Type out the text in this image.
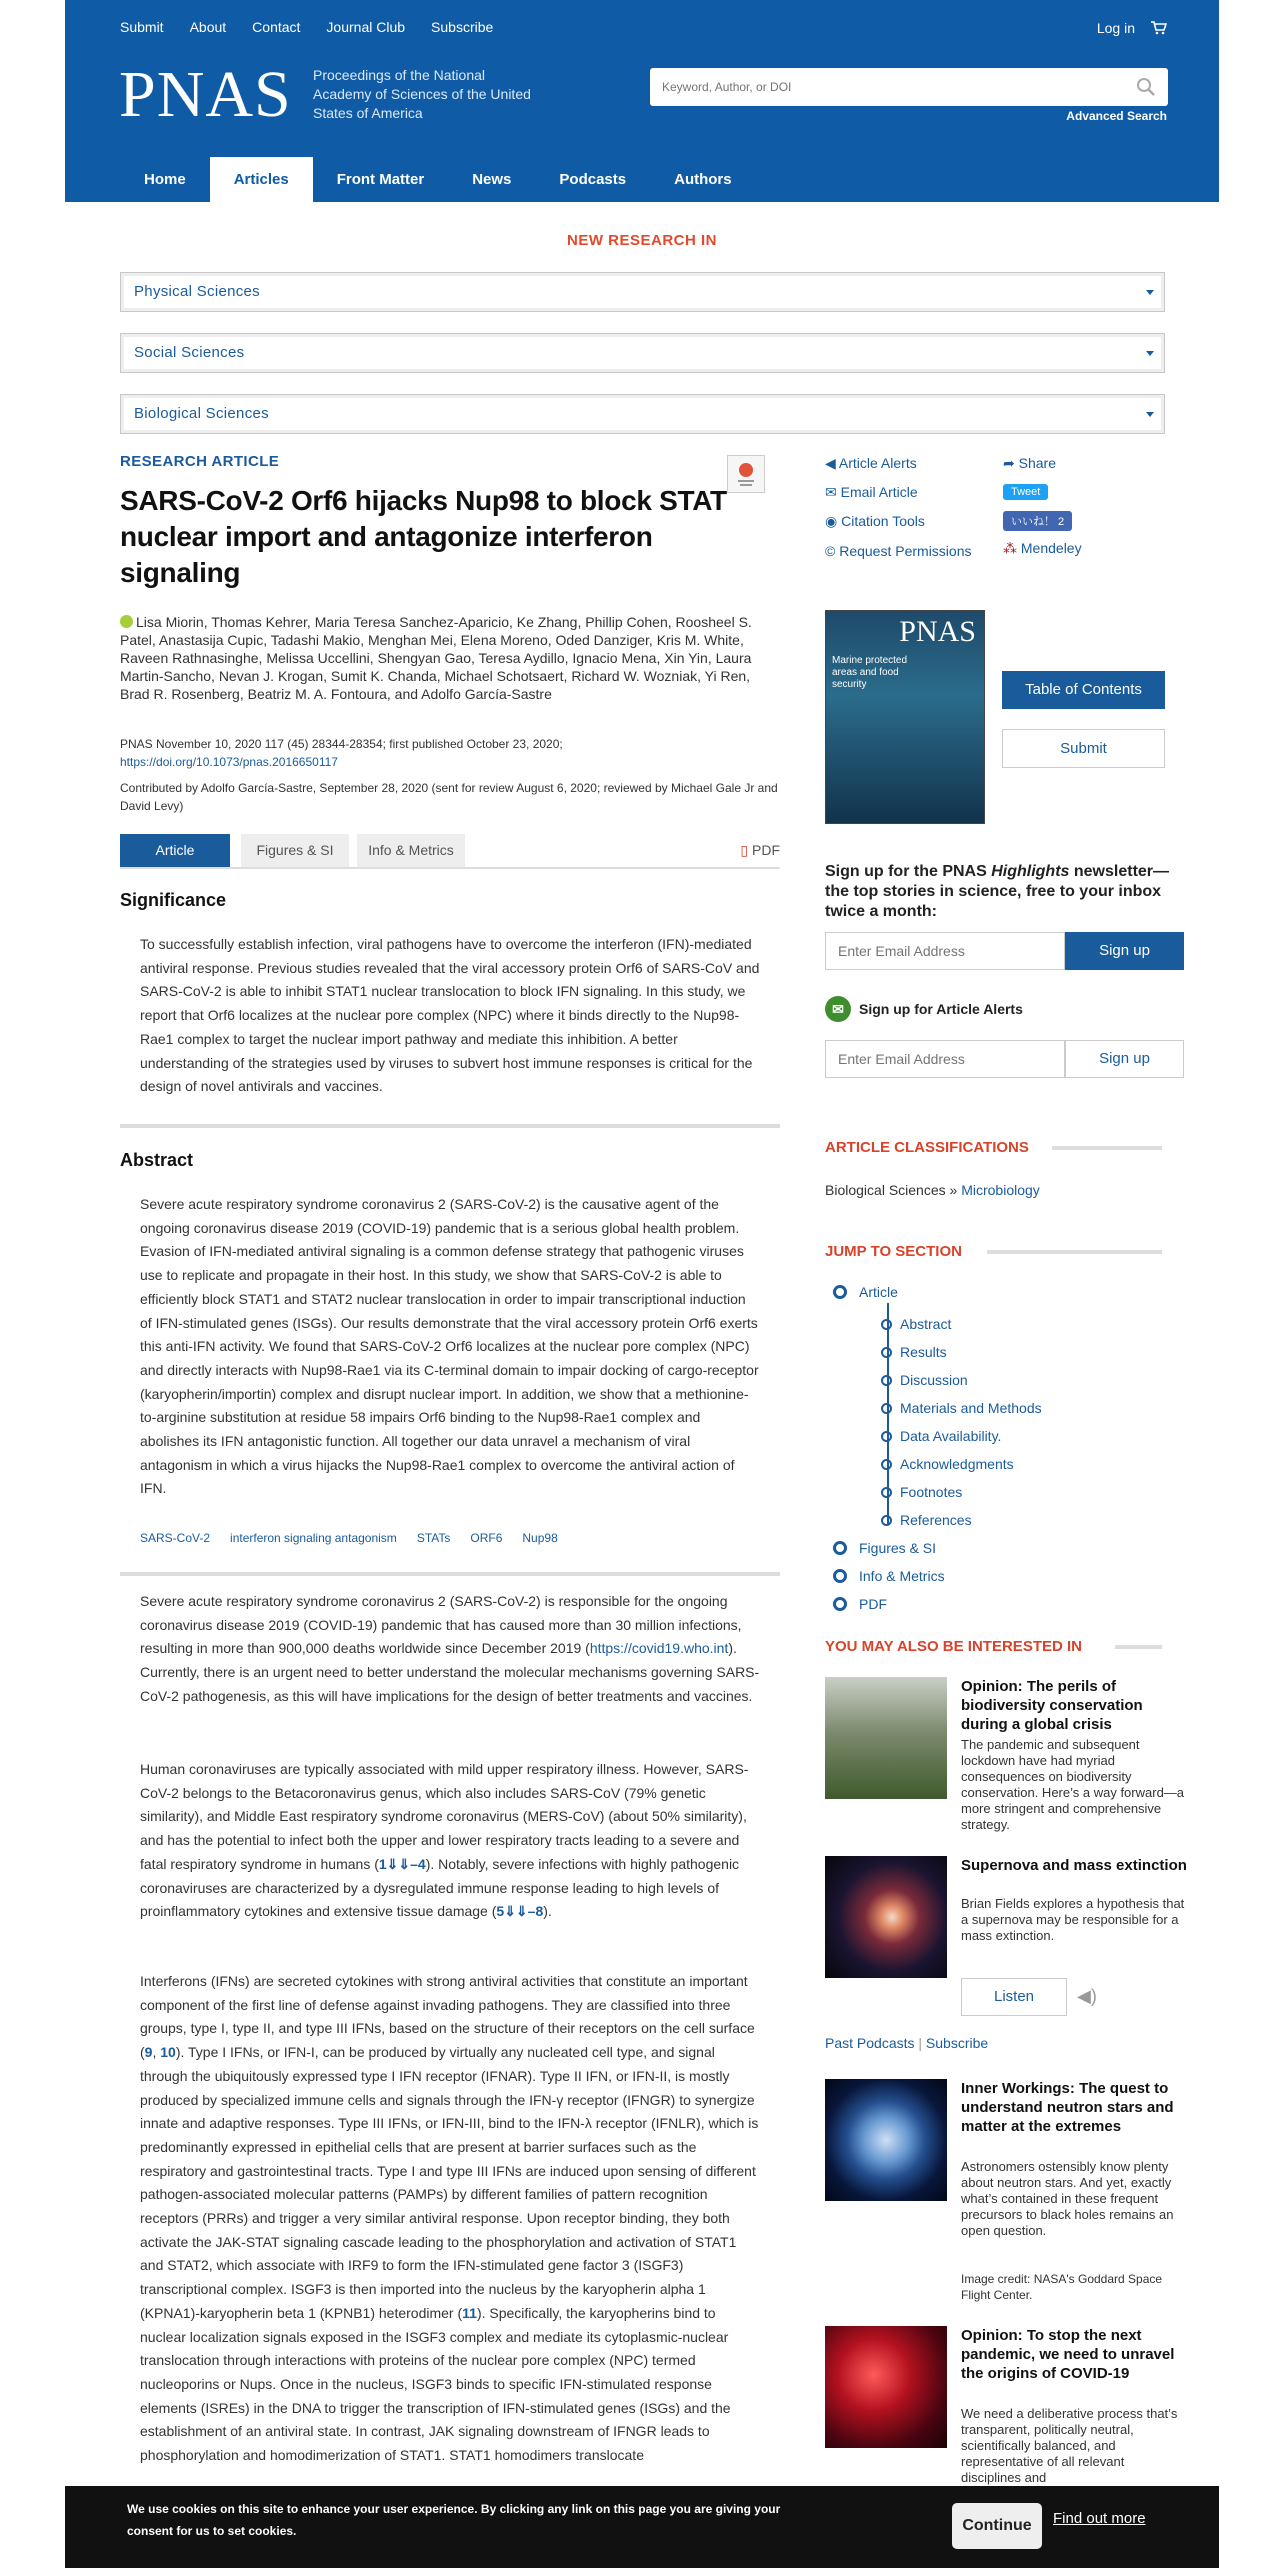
Submit About Contact Journal Club Subscribe	Log in
PNAS Proceedings of the National Academy of Sciences of the United States of America
Keyword, Author, or DOI	Advanced Search
Home	Articles	Front Matter	News	Podcasts	Authors
NEW RESEARCH IN
Physical Sciences
Social Sciences
Biological Sciences
RESEARCH ARTICLE
SARS-CoV-2 Orf6 hijacks Nup98 to block STAT nuclear import and antagonize interferon signaling
Lisa Miorin, Thomas Kehrer, Maria Teresa Sanchez-Aparicio, Ke Zhang, Phillip Cohen, Roosheel S. Patel, Anastasija Cupic, Tadashi Makio, Menghan Mei, Elena Moreno, Oded Danziger, Kris M. White, Raveen Rathnasinghe, Melissa Uccellini, Shengyan Gao, Teresa Aydillo, Ignacio Mena, Xin Yin, Laura Martin-Sancho, Nevan J. Krogan, Sumit K. Chanda, Michael Schotsaert, Richard W. Wozniak, Yi Ren, Brad R. Rosenberg, Beatriz M. A. Fontoura, and Adolfo García-Sastre
PNAS November 10, 2020 117 (45) 28344-28354; first published October 23, 2020;
https://doi.org/10.1073/pnas.2016650117
Contributed by Adolfo García-Sastre, September 28, 2020 (sent for review August 6, 2020; reviewed by Michael Gale Jr and David Levy)
Article	Figures & SI	Info & Metrics	▯ PDF
Significance
To successfully establish infection, viral pathogens have to overcome the interferon (IFN)-mediated antiviral response. Previous studies revealed that the viral accessory protein Orf6 of SARS-CoV and SARS-CoV-2 is able to inhibit STAT1 nuclear translocation to block IFN signaling. In this study, we report that Orf6 localizes at the nuclear pore complex (NPC) where it binds directly to the Nup98-Rae1 complex to target the nuclear import pathway and mediate this inhibition. A better understanding of the strategies used by viruses to subvert host immune responses is critical for the design of novel antivirals and vaccines.
Abstract
Severe acute respiratory syndrome coronavirus 2 (SARS-CoV-2) is the causative agent of the ongoing coronavirus disease 2019 (COVID-19) pandemic that is a serious global health problem. Evasion of IFN-mediated antiviral signaling is a common defense strategy that pathogenic viruses use to replicate and propagate in their host. In this study, we show that SARS-CoV-2 is able to efficiently block STAT1 and STAT2 nuclear translocation in order to impair transcriptional induction of IFN-stimulated genes (ISGs). Our results demonstrate that the viral accessory protein Orf6 exerts this anti-IFN activity. We found that SARS-CoV-2 Orf6 localizes at the nuclear pore complex (NPC) and directly interacts with Nup98-Rae1 via its C-terminal domain to impair docking of cargo-receptor (karyopherin/importin) complex and disrupt nuclear import. In addition, we show that a methionine-to-arginine substitution at residue 58 impairs Orf6 binding to the Nup98-Rae1 complex and abolishes its IFN antagonistic function. All together our data unravel a mechanism of viral antagonism in which a virus hijacks the Nup98-Rae1 complex to overcome the antiviral action of IFN.
SARS-CoV-2 interferon signaling antagonism STATs ORF6 Nup98
Severe acute respiratory syndrome coronavirus 2 (SARS-CoV-2) is responsible for the ongoing coronavirus disease 2019 (COVID-19) pandemic that has caused more than 30 million infections, resulting in more than 900,000 deaths worldwide since December 2019 (https://covid19.who.int). Currently, there is an urgent need to better understand the molecular mechanisms governing SARS-CoV-2 pathogenesis, as this will have implications for the design of better treatments and vaccines.
Human coronaviruses are typically associated with mild upper respiratory illness. However, SARS-CoV-2 belongs to the Betacoronavirus genus, which also includes SARS-CoV (79% genetic similarity), and Middle East respiratory syndrome coronavirus (MERS-CoV) (about 50% similarity), and has the potential to infect both the upper and lower respiratory tracts leading to a severe and fatal respiratory syndrome in humans (1⇓⇓–4). Notably, severe infections with highly pathogenic coronaviruses are characterized by a dysregulated immune response leading to high levels of proinflammatory cytokines and extensive tissue damage (5⇓⇓–8).
Interferons (IFNs) are secreted cytokines with strong antiviral activities that constitute an important component of the first line of defense against invading pathogens. They are classified into three groups, type I, type II, and type III IFNs, based on the structure of their receptors on the cell surface (9, 10). Type I IFNs, or IFN-I, can be produced by virtually any nucleated cell type, and signal through the ubiquitously expressed type I IFN receptor (IFNAR). Type II IFN, or IFN-II, is mostly produced by specialized immune cells and signals through the IFN-γ receptor (IFNGR) to synergize innate and adaptive responses. Type III IFNs, or IFN-III, bind to the IFN-λ receptor (IFNLR), which is predominantly expressed in epithelial cells that are present at barrier surfaces such as the respiratory and gastrointestinal tracts. Type I and type III IFNs are induced upon sensing of different pathogen-associated molecular patterns (PAMPs) by different families of pattern recognition receptors (PRRs) and trigger a very similar antiviral response. Upon receptor binding, they both activate the JAK-STAT signaling cascade leading to the phosphorylation and activation of STAT1 and STAT2, which associate with IRF9 to form the IFN-stimulated gene factor 3 (ISGF3) transcriptional complex. ISGF3 is then imported into the nucleus by the karyopherin alpha 1 (KPNA1)-karyopherin beta 1 (KPNB1) heterodimer (11). Specifically, the karyopherins bind to nuclear localization signals exposed in the ISGF3 complex and mediate its cytoplasmic-nuclear translocation through interactions with proteins of the nuclear pore complex (NPC) termed nucleoporins or Nups. Once in the nucleus, ISGF3 binds to specific IFN-stimulated response elements (ISREs) in the DNA to trigger the transcription of IFN-stimulated genes (ISGs) and the establishment of an antiviral state. In contrast, JAK signaling downstream of IFNGR leads to phosphorylation and homodimerization of STAT1. STAT1 homodimers translocate
◀ Article Alerts
✉ Email Article
◉ Citation Tools
© Request Permissions
➦ Share
⁂ Mendeley
Tweet
いいね！ 2
PNAS
Marine protected areas and food security	Table of Contents
Submit
Sign up for the PNAS Highlights newsletter—the top stories in science, free to your inbox twice a month:
Enter Email Address
Sign up
✉	Sign up for Article Alerts
Enter Email Address
Sign up
ARTICLE CLASSIFICATIONS
Biological Sciences » Microbiology
JUMP TO SECTION
Article
Abstract
Results
Discussion
Materials and Methods
Data Availability.
Acknowledgments
Footnotes
References
Figures & SI
Info & Metrics
PDF
YOU MAY ALSO BE INTERESTED IN
Opinion: The perils of biodiversity conservation during a global crisis
The pandemic and subsequent lockdown have had myriad consequences on biodiversity conservation. Here’s a way forward—a more stringent and comprehensive strategy.
Supernova and mass extinction
Brian Fields explores a hypothesis that a supernova may be responsible for a mass extinction.
Listen	◀)
Past Podcasts | Subscribe
Inner Workings: The quest to understand neutron stars and matter at the extremes
Astronomers ostensibly know plenty about neutron stars. And yet, exactly what’s contained in these frequent precursors to black holes remains an open question.
Image credit: NASA's Goddard Space Flight Center.
Opinion: To stop the next pandemic, we need to unravel the origins of COVID-19
We need a deliberative process that’s transparent, politically neutral, scientifically balanced, and representative of all relevant disciplines and
We use cookies on this site to enhance your user experience. By clicking any link on this page you are giving your consent for us to set cookies.	Continue	Find out more
